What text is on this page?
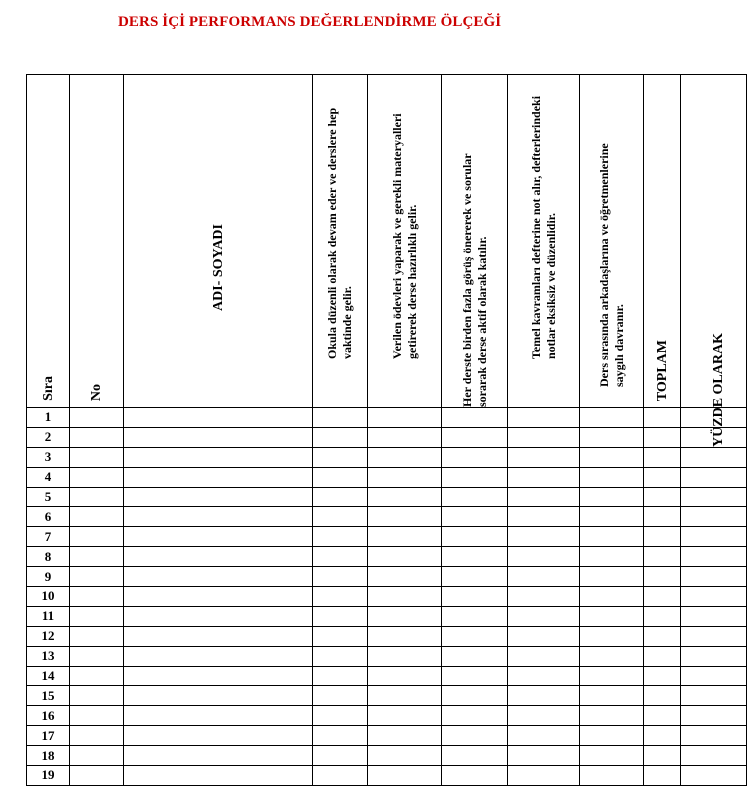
DERS İÇİ PERFORMANS DEĞERLENDİRME ÖLÇEĞİ
Sıra	No	ADI- SOYADI	Okula düzenli olarak devam eder ve derslere hep vaktinde gelir.	Verilen ödevleri yaparak ve gerekli materyalleri getirerek derse hazırlıklı gelir.	Her derste birden fazla görüş önererek ve sorular sorarak derse aktif olarak katılır.	Temel kavramları defterine not alır, defterlerindeki notlar eksiksiz ve düzenlidir.	Ders sırasında arkadaşlarına ve öğretmenlerine saygılı davranır.	TOPLAM	YÜZDE OLARAK

1									
2									
3									
4									
5									
6									
7									
8									
9									
10									
11									
12									
13									
14									
15									
16									
17									
18									
19									
